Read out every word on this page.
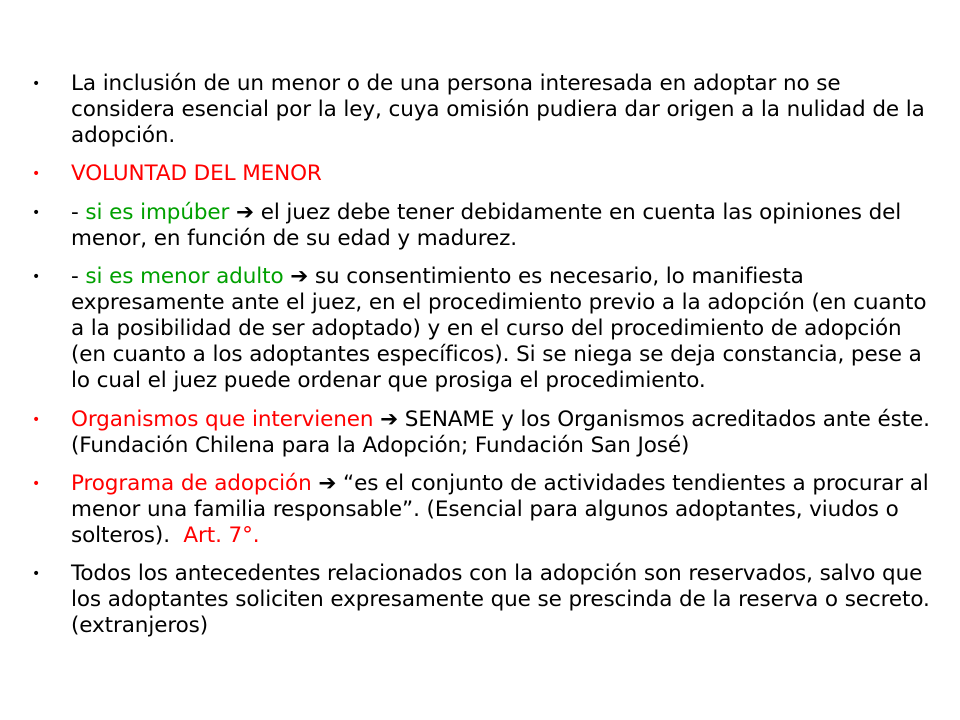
• La inclusión de un menor o de una persona interesada en adoptar no se considera esencial por la ley, cuya omisión pudiera dar origen a la nulidad de la adopción.
• VOLUNTAD DEL MENOR
• - si es impúber ➔ el juez debe tener debidamente en cuenta las opiniones del menor, en función de su edad y madurez.
• - si es menor adulto ➔ su consentimiento es necesario, lo manifiesta expresamente ante el juez, en el procedimiento previo a la adopción (en cuanto a la posibilidad de ser adoptado) y en el curso del procedimiento de adopción (en cuanto a los adoptantes específicos). Si se niega se deja constancia, pese a lo cual el juez puede ordenar que prosiga el procedimiento.
• Organismos que intervienen ➔ SENAME y los Organismos acreditados ante éste. (Fundación Chilena para la Adopción; Fundación San José)
• Programa de adopción ➔ “es el conjunto de actividades tendientes a procurar al menor una familia responsable”. (Esencial para algunos adoptantes, viudos o solteros). Art. 7°.
• Todos los antecedentes relacionados con la adopción son reservados, salvo que los adoptantes soliciten expresamente que se prescinda de la reserva o secreto. (extranjeros)
